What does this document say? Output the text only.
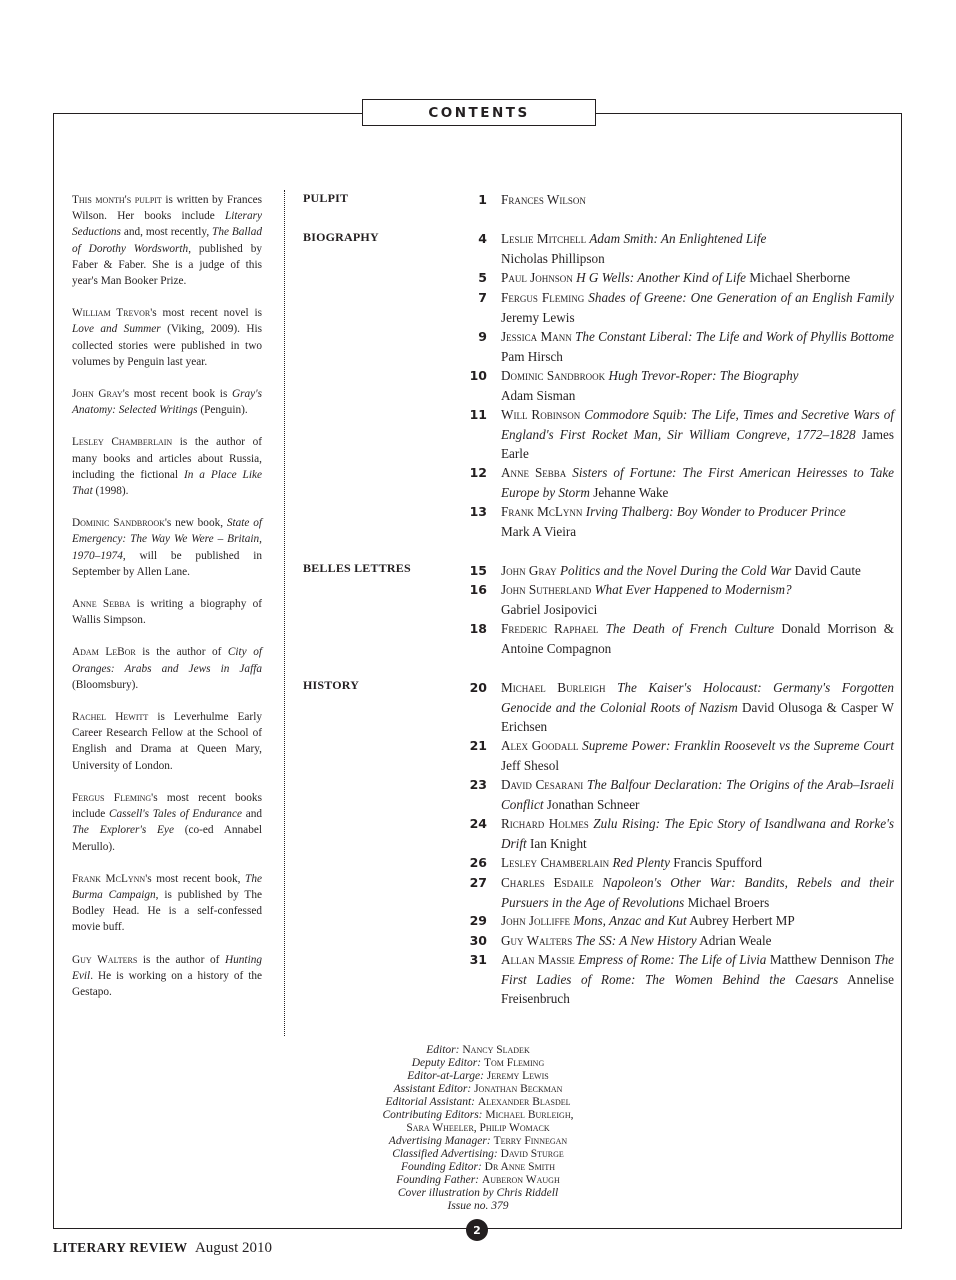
CONTENTS

This month's pulpit is written by Frances Wilson. Her books include Literary Seductions and, most recently, The Ballad of Dorothy Wordsworth, published by Faber & Faber. She is a judge of this year's Man Booker Prize.

William Trevor's most recent novel is Love and Summer (Viking, 2009). His collected stories were published in two volumes by Penguin last year.

John Gray's most recent book is Gray's Anatomy: Selected Writings (Penguin).

Lesley Chamberlain is the author of many books and articles about Russia, including the fictional In a Place Like That (1998).

Dominic Sandbrook's new book, State of Emergency: The Way We Were – Britain, 1970–1974, will be published in September by Allen Lane.

Anne Sebba is writing a biography of Wallis Simpson.

Adam LeBor is the author of City of Oranges: Arabs and Jews in Jaffa (Bloomsbury).

Rachel Hewitt is Leverhulme Early Career Research Fellow at the School of English and Drama at Queen Mary, University of London.

Fergus Fleming's most recent books include Cassell's Tales of Endurance and The Explorer's Eye (co-ed Annabel Merullo).

Frank McLynn's most recent book, The Burma Campaign, is published by The Bodley Head. He is a self-confessed movie buff.

Guy Walters is the author of Hunting Evil. He is working on a history of the Gestapo.

PULPIT
BIOGRAPHY
BELLES LETTRES
HISTORY
1 Frances Wilson
4 Leslie Mitchell Adam Smith: An Enlightened Life
Nicholas Phillipson
5 Paul Johnson H G Wells: Another Kind of Life Michael Sherborne
7 Fergus Fleming Shades of Greene: One Generation of an English Family Jeremy Lewis
9 Jessica Mann The Constant Liberal: The Life and Work of Phyllis Bottome Pam Hirsch
10 Dominic Sandbrook Hugh Trevor-Roper: The Biography
Adam Sisman
11 Will Robinson Commodore Squib: The Life, Times and Secretive Wars of England's First Rocket Man, Sir William Congreve, 1772–1828 James Earle
12 Anne Sebba Sisters of Fortune: The First American Heiresses to Take Europe by Storm Jehanne Wake
13 Frank McLynn Irving Thalberg: Boy Wonder to Producer Prince
Mark A Vieira
15 John Gray Politics and the Novel During the Cold War David Caute
16 John Sutherland What Ever Happened to Modernism?
Gabriel Josipovici
18 Frederic Raphael The Death of French Culture Donald Morrison & Antoine Compagnon
20 Michael Burleigh The Kaiser's Holocaust: Germany's Forgotten Genocide and the Colonial Roots of Nazism David Olusoga & Casper W Erichsen
21 Alex Goodall Supreme Power: Franklin Roosevelt vs the Supreme Court Jeff Shesol
23 David Cesarani The Balfour Declaration: The Origins of the Arab–Israeli Conflict Jonathan Schneer
24 Richard Holmes Zulu Rising: The Epic Story of Isandlwana and Rorke's Drift Ian Knight
26 Lesley Chamberlain Red Plenty Francis Spufford
27 Charles Esdaile Napoleon's Other War: Bandits, Rebels and their Pursuers in the Age of Revolutions Michael Broers
29 John Jolliffe Mons, Anzac and Kut Aubrey Herbert MP
30 Guy Walters The SS: A New History Adrian Weale
31 Allan Massie Empress of Rome: The Life of Livia Matthew Dennison The First Ladies of Rome: The Women Behind the Caesars Annelise Freisenbruch
Editor: Nancy Sladek
Deputy Editor: Tom Fleming
Editor-at-Large: Jeremy Lewis
Assistant Editor: Jonathan Beckman
Editorial Assistant: Alexander Blasdel
Contributing Editors: Michael Burleigh,
Sara Wheeler, Philip Womack
Advertising Manager: Terry Finnegan
Classified Advertising: David Sturge
Founding Editor: Dr Anne Smith
Founding Father: Auberon Waugh
Cover illustration by Chris Riddell
Issue no. 379
2
LITERARY REVIEW August 2010
